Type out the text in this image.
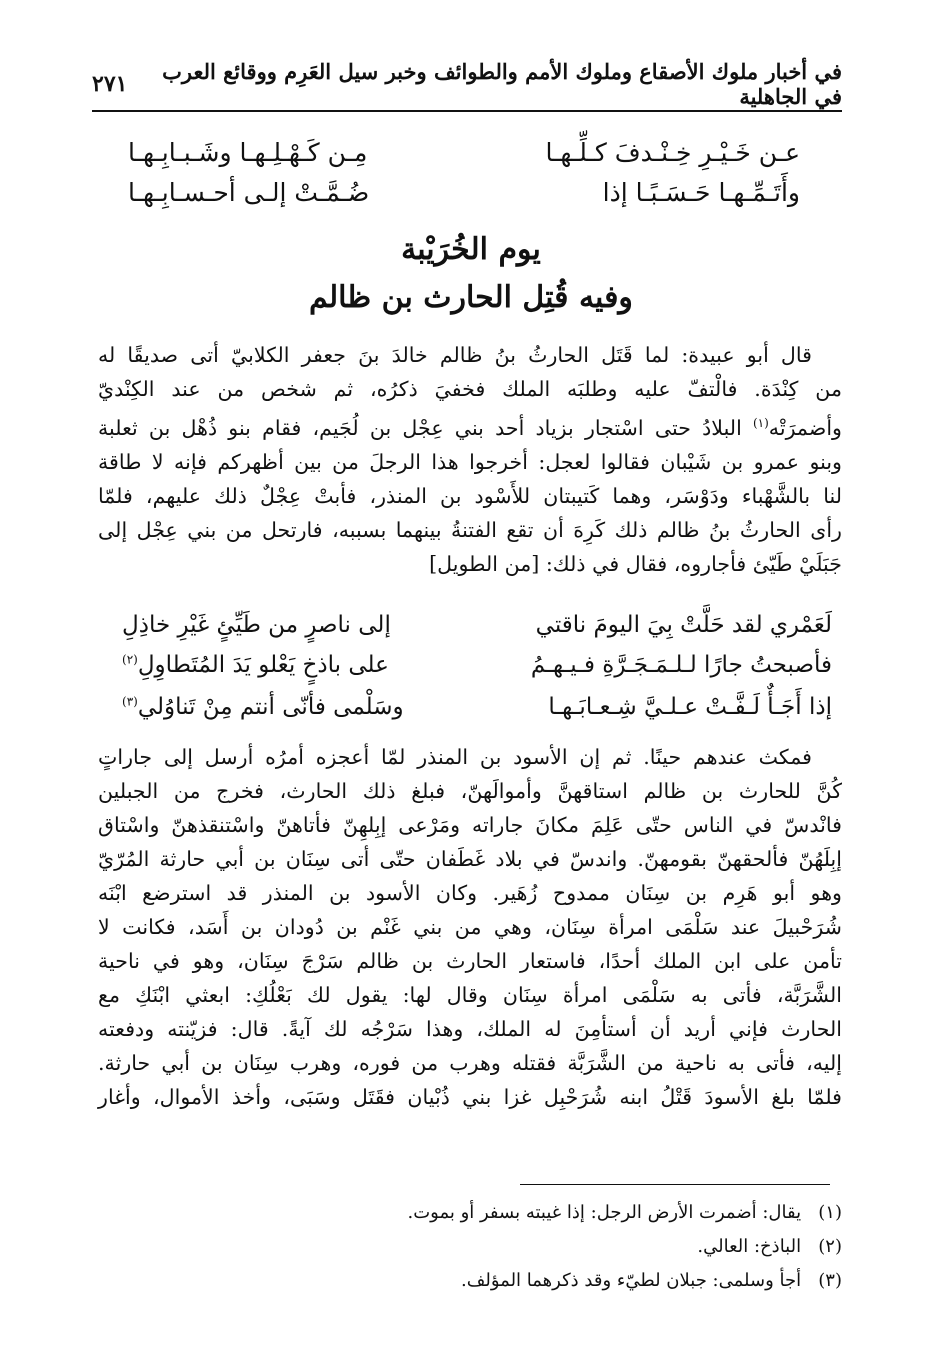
في أخبار ملوك الأصقاع وملوك الأمم والطوائف وخبر سيل العَرِم ووقائع العرب في الجاهلية
٢٧١
عـن خَـيْـرِ خِـنْـدفَ كـلِّـهـا
مِـن كَـهْـلِـهـا وشَـبـابِـهـا
وأَتَـمِّـهـا حَـسَـبًـا إذا
ضُـمَّـتْ إلـى أحـسـابِـهـا
يوم الخُرَيْبة
وفيه قُتِل الحارث بن ظالم
قال أبو عبيدة: لما قَتَل الحارثُ بنُ ظالم خالدَ بنَ جعفر الكلابيّ أتى صديقًا له
من كِنْدَة. فالْتفّ عليه وطلبَه الملك فخفيَ ذكرُه، ثم شخص من عند الكِنْديّ
وأضمرَتْه$^{(١)}$ البلادُ حتى اسْتجار بزياد أحد بني عِجْل بن لُجَيم، فقام بنو ذُهْل بن ثعلبة
وبنو عمرو بن شَيْبان فقالوا لعجل: أخرجوا هذا الرجلَ من بين أظهركم فإنه لا طاقة
لنا بالشَّهْباء ودَوْسَر، وهما كَتيبتان للأَسْود بن المنذر، فأبتْ عِجْلٌ ذلك عليهم، فلمّا
رأى الحارثُ بنُ ظالم ذلك كَرِهَ أن تقع الفتنةُ بينهما بسببه، فارتحل من بني عِجْل إلى
جَبَلَيْ طَيّئ فأجاروه، فقال في ذلك: [من الطويل]
لَعَمْري لقد حَلَّتْ بِيَ اليومَ ناقتي
إلى ناصرٍ من طَيِّئٍ غَيْرِ خاذِلِ
فأصبحتُ جارًا لـلـمَـجَـرَّةِ فـيـهـمُ
على باذخٍ يَعْلو يَدَ المُتَطاوِلِ$^{(٢)}$
إذا أَجَـأٌ لَـفَّـتْ عـلـيَّ شِـعـابَـهـا
وسَلْمى فأنّى أنتم مِنْ تَناوُلي$^{(٣)}$
فمكث عندهم حينًا. ثم إن الأسود بن المنذر لمّا أعجزه أمرُه أرسل إلى جاراتٍ
كُنَّ للحارث بن ظالم استاقهنَّ وأموالَهنّ، فبلغ ذلك الحارث، فخرج من الجبلين
فانْدسّ في الناس حتّى عَلِمَ مكانَ جاراته ومَرْعى إبِلهِنّ فأتاهنّ واسْتنقذهنّ واسْتاق
إبِلَهُنّ فألحقهنّ بقومهنّ. واندسّ في بلاد غَطَفان حتّى أتى سِنَان بن أبي حارثة المُرّيّ
وهو أبو هَرِم بن سِنَان ممدوح زُهَير. وكان الأسود بن المنذر قد استرضع ابْنَه
شُرَحْبيلَ عند سَلْمَى امرأة سِنَان، وهي من بني غَنْم بن دُودان بن أَسَد، فكانت لا
تأمن على ابن الملك أحدًا، فاستعار الحارث بن ظالم سَرْجَ سِنَان، وهو في ناحية
الشَّرَبَّة، فأتى به سَلْمَى امرأة سِنَان وقال لها: يقول لك بَعْلُكِ: ابعثي ابْنَكِ مع
الحارث فإني أريد أن أستأمِنَ له الملك، وهذا سَرْجُه لك آيةً. قال: فزيّنته ودفعته
إليه، فأتى به ناحية من الشَّرَبَّة فقتله وهرب من فوره، وهرب سِنَان بن أبي حارثة.
فلمّا بلغ الأسودَ قَتْلُ ابنه شُرَحْبِل غزا بني ذُبْيان فقَتَل وسَبَى، وأخذ الأموال، وأغار
(١)   يقال: أضمرت الأرض الرجل: إذا غيبته بسفر أو بموت.
(٢)   الباذخ: العالي.
(٣)   أجأ وسلمى: جبلان لطيّء وقد ذكرهما المؤلف.
